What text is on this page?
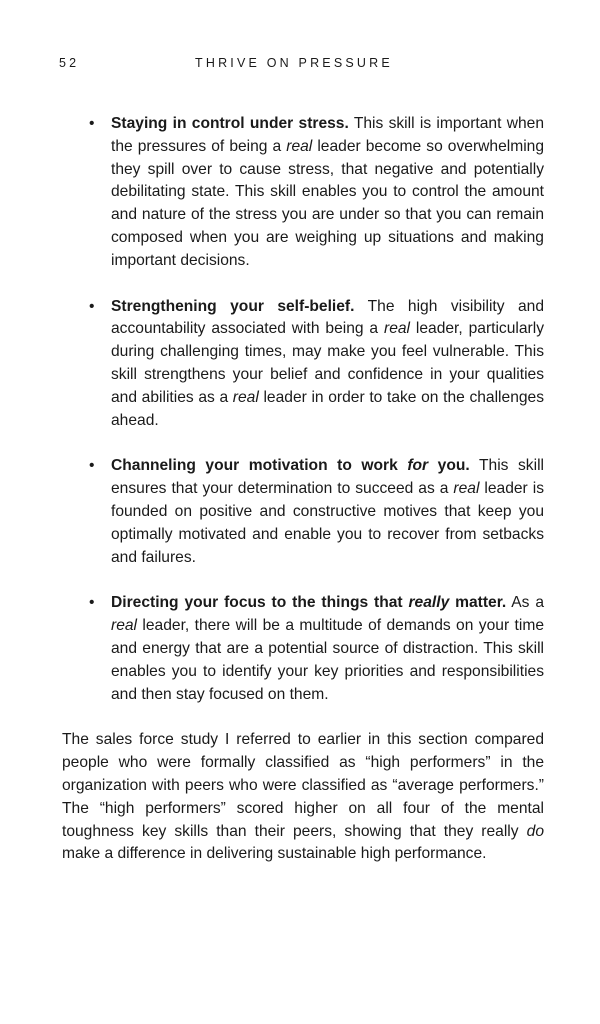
52	THRIVE ON PRESSURE
• Staying in control under stress. This skill is important when the pressures of being a real leader become so overwhelming they spill over to cause stress, that negative and potentially debilitating state. This skill enables you to control the amount and nature of the stress you are under so that you can remain composed when you are weighing up situations and making important decisions.
• Strengthening your self-belief. The high visibility and accountability associated with being a real leader, particularly during challenging times, may make you feel vulnerable. This skill strengthens your belief and confidence in your qualities and abilities as a real leader in order to take on the challenges ahead.
• Channeling your motivation to work for you. This skill ensures that your determination to succeed as a real leader is founded on positive and constructive motives that keep you optimally motivated and enable you to recover from setbacks and failures.
• Directing your focus to the things that really matter. As a real leader, there will be a multitude of demands on your time and energy that are a potential source of distraction. This skill enables you to identify your key priorities and responsibilities and then stay focused on them.

The sales force study I referred to earlier in this section compared people who were formally classified as “high performers” in the organization with peers who were classified as “average performers.” The “high performers” scored higher on all four of the mental toughness key skills than their peers, showing that they really do make a difference in delivering sustainable high performance.
